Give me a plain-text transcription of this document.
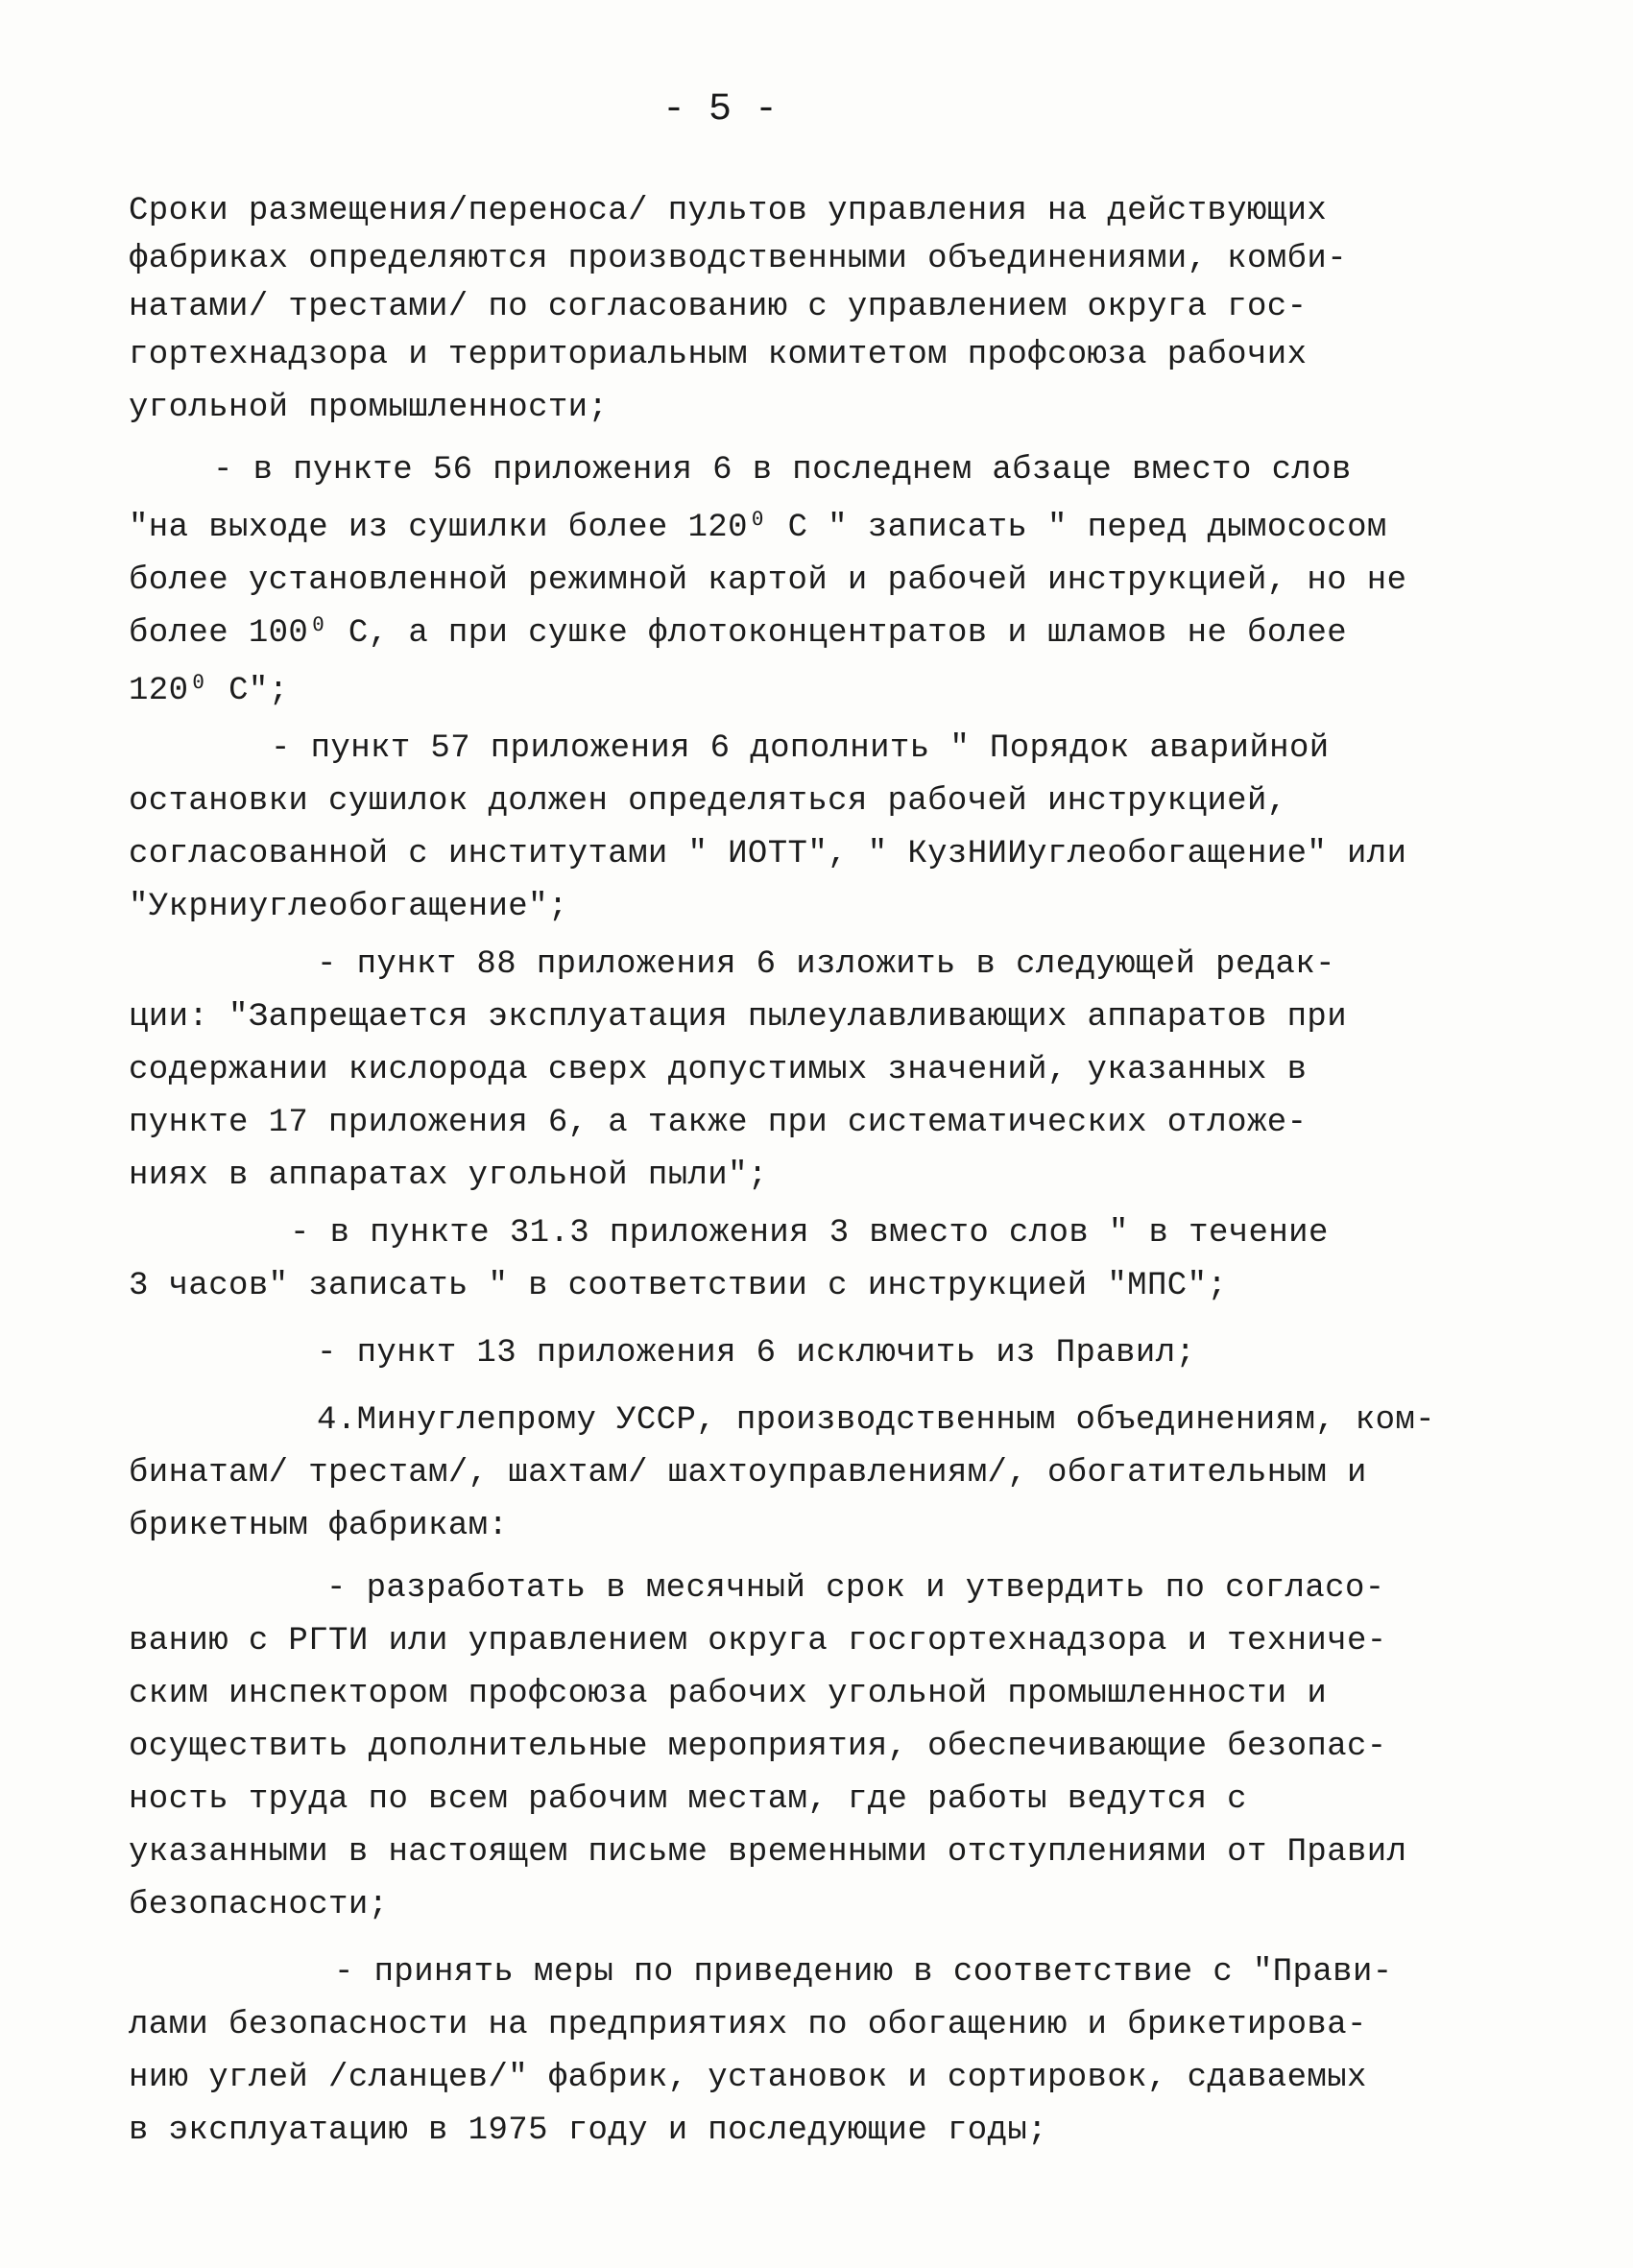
- 5 -

Сроки размещения/переноса/ пультов управления на действующих

фабриках определяются производственными объединениями, комби-

натами/ трестами/ по согласованию с управлением округа гос-

гортехнадзора и территориальным комитетом профсоюза рабочих

угольной промышленности;

- в пункте 56 приложения 6 в последнем абзаце вместо слов

"на выходе из сушилки более 120⁰ С " записать " перед дымососом

более установленной режимной картой и рабочей инструкцией, но не

более 100⁰ С, а при сушке флотоконцентратов и шламов не более

120⁰ С";

- пункт 57 приложения 6 дополнить " Порядок аварийной

остановки сушилок должен определяться рабочей инструкцией,

согласованной с институтами " ИОТТ", " КузНИИуглеобогащение" или

"Укрниуглеобогащение";

- пункт 88 приложения 6 изложить в следующей редак-

ции: "Запрещается эксплуатация пылеулавливающих аппаратов при

содержании кислорода сверх допустимых значений, указанных в

пункте 17 приложения 6, а также при систематических отложе-

ниях в аппаратах угольной пыли";

- в пункте 31.3 приложения 3 вместо слов " в течение

3 часов" записать " в соответствии с инструкцией "МПС";

- пункт 13 приложения 6 исключить из Правил;

4.Минуглепрому УССР, производственным объединениям, ком-

бинатам/ трестам/, шахтам/ шахтоуправлениям/, обогатительным и

брикетным фабрикам:

- разработать в месячный срок и утвердить по согласо-

ванию с РГТИ или управлением округа госгортехнадзора и техниче-

ским инспектором профсоюза рабочих угольной промышленности и

осуществить дополнительные мероприятия, обеспечивающие безопас-

ность труда по всем рабочим местам, где работы ведутся с

указанными в настоящем письме временными отступлениями от Правил

безопасности;

- принять меры по приведению в соответствие с "Прави-

лами безопасности на предприятиях по обогащению и брикетирова-

нию углей /сланцев/" фабрик, установок и сортировок, сдаваемых

в эксплуатацию в 1975 году и последующие годы;
